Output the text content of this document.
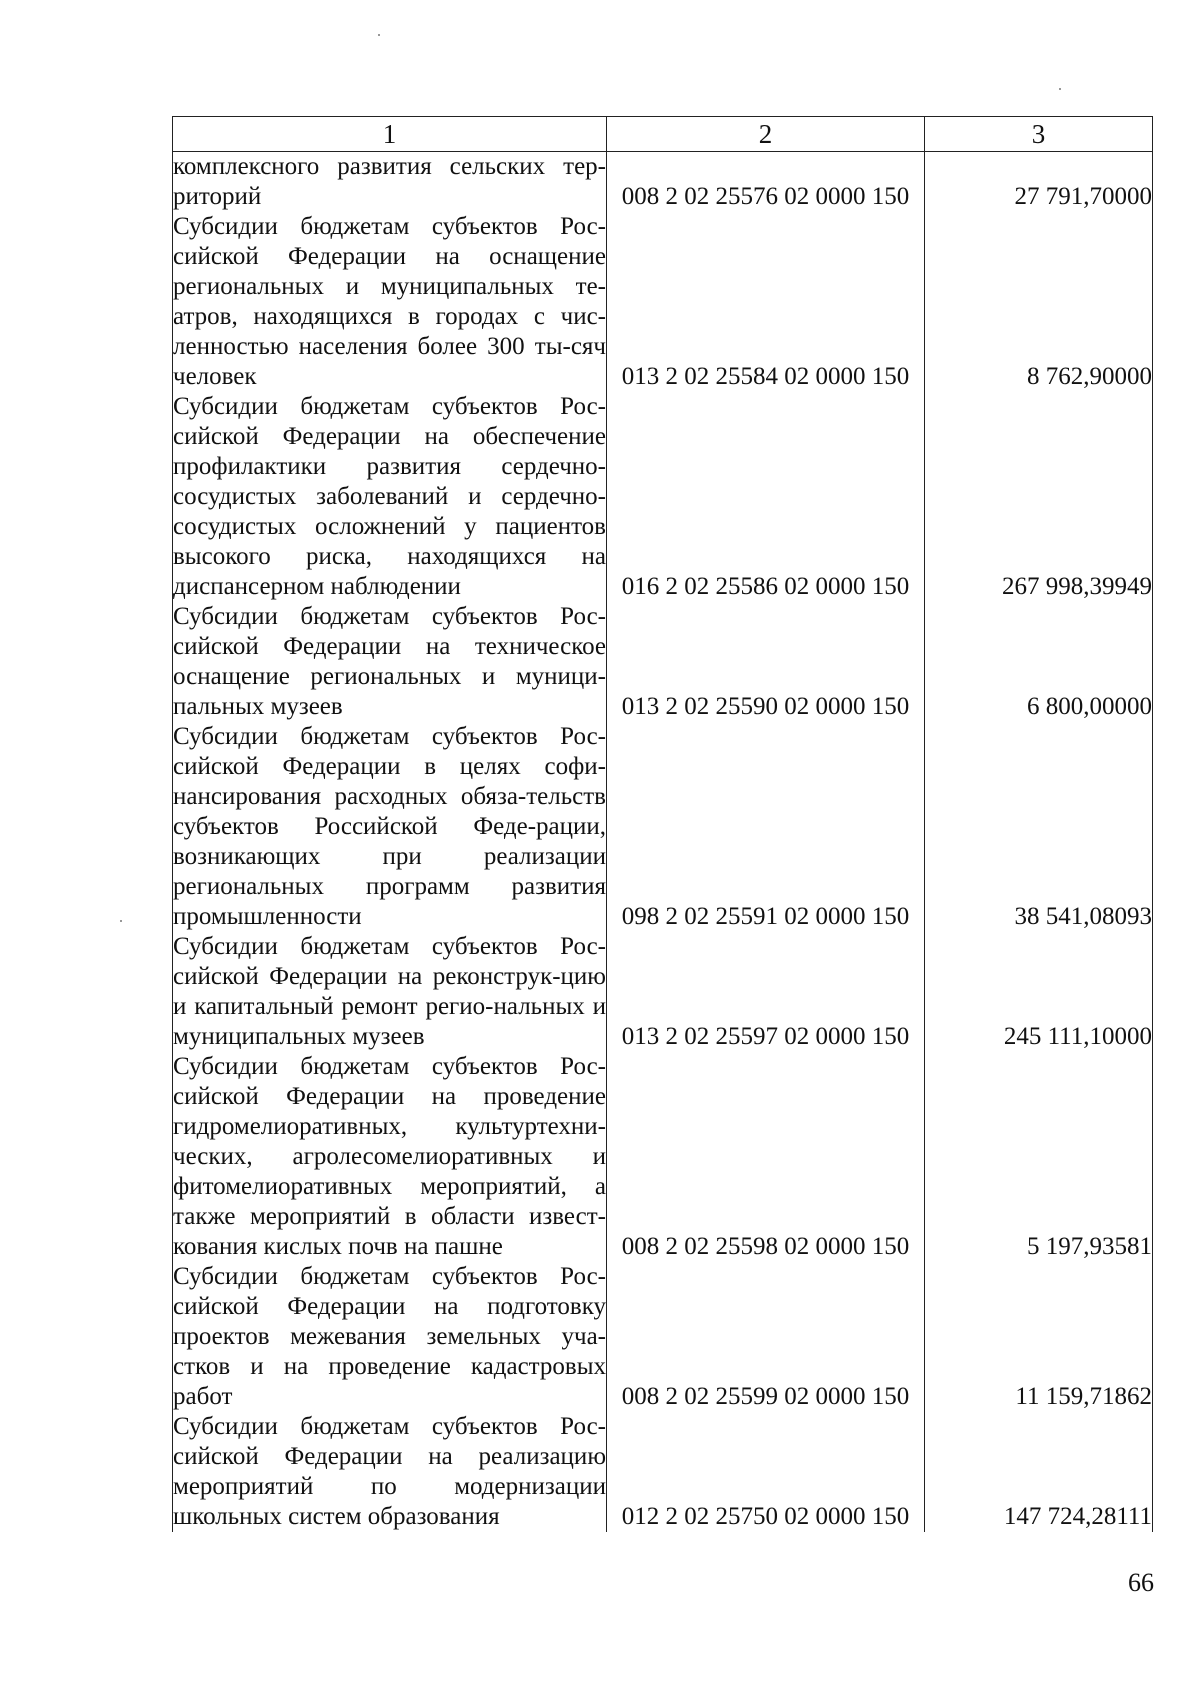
1	2	3
комплексного развития сельских тер- риторий	008 2 02 25576 02 0000 150	27 791,70000
Субсидии бюджетам субъектов Рос-сийской Федерации на оснащение региональных и муниципальных те-атров, находящихся в городах с чис-ленностью населения более 300 ты-сяч человек	013 2 02 25584 02 0000 150	8 762,90000
Субсидии бюджетам субъектов Рос-сийской Федерации на обеспечение профилактики развития сердечно-сосудистых заболеваний и сердечно-сосудистых осложнений у пациентов высокого риска, находящихся на диспансерном наблюдении	016 2 02 25586 02 0000 150	267 998,39949
Субсидии бюджетам субъектов Рос-сийской Федерации на техническое оснащение региональных и муници-пальных музеев	013 2 02 25590 02 0000 150	6 800,00000
Субсидии бюджетам субъектов Рос-сийской Федерации в целях софи-нансирования расходных обяза-тельств субъектов Российской Феде-рации, возникающих при реализации региональных программ развития промышленности	098 2 02 25591 02 0000 150	38 541,08093
Субсидии бюджетам субъектов Рос-сийской Федерации на реконструк-цию и капитальный ремонт регио-нальных и муниципальных музеев	013 2 02 25597 02 0000 150	245 111,10000
Субсидии бюджетам субъектов Рос-сийской Федерации на проведение гидромелиоративных, культуртехни-ческих, агролесомелиоративных и фитомелиоративных мероприятий, а также мероприятий в области извест-кования кислых почв на пашне	008 2 02 25598 02 0000 150	5 197,93581
Субсидии бюджетам субъектов Рос-сийской Федерации на подготовку проектов межевания земельных уча-стков и на проведение кадастровых работ	008 2 02 25599 02 0000 150	11 159,71862
Субсидии бюджетам субъектов Рос-сийской Федерации на реализацию мероприятий по модернизации школьных систем образования	012 2 02 25750 02 0000 150	147 724,28111
66
